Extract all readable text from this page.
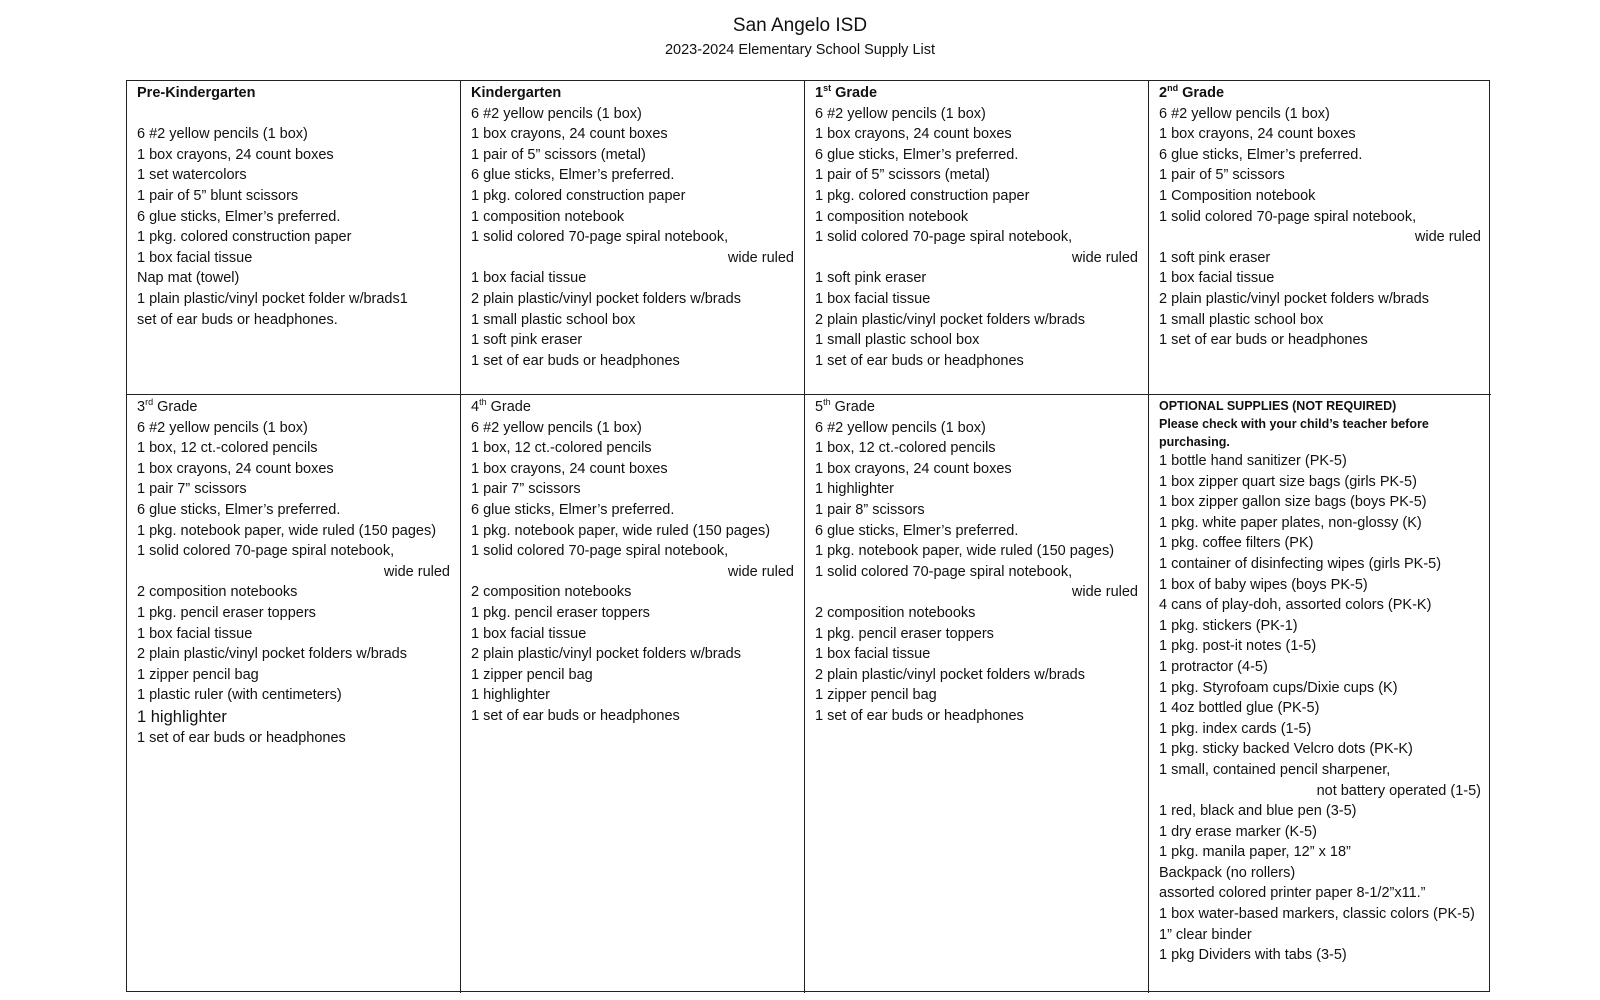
San Angelo ISD
2023-2024 Elementary School Supply List
Pre-Kindergarten
6 #2 yellow pencils (1 box)
1 box crayons, 24 count boxes
1 set watercolors
1 pair of 5” blunt scissors
6 glue sticks, Elmer’s preferred.
1 pkg. colored construction paper
1 box facial tissue
Nap mat (towel)
1 plain plastic/vinyl pocket folder w/brads1
set of ear buds or headphones.
Kindergarten
6 #2 yellow pencils (1 box)
1 box crayons, 24 count boxes
1 pair of 5” scissors (metal)
6 glue sticks, Elmer’s preferred.
1 pkg. colored construction paper
1 composition notebook
1 solid colored 70-page spiral notebook,
wide ruled
1 box facial tissue
2 plain plastic/vinyl pocket folders w/brads
1 small plastic school box
1 soft pink eraser
1 set of ear buds or headphones
1st Grade
6 #2 yellow pencils (1 box)
1 box crayons, 24 count boxes
6 glue sticks, Elmer’s preferred.
1 pair of 5” scissors (metal)
1 pkg. colored construction paper
1 composition notebook
1 solid colored 70-page spiral notebook,
wide ruled
1 soft pink eraser
1 box facial tissue
2 plain plastic/vinyl pocket folders w/brads
1 small plastic school box
1 set of ear buds or headphones
2nd Grade
6 #2 yellow pencils (1 box)
1 box crayons, 24 count boxes
6 glue sticks, Elmer’s preferred.
1 pair of 5” scissors
1 Composition notebook
1 solid colored 70-page spiral notebook,
wide ruled
1 soft pink eraser
1 box facial tissue
2 plain plastic/vinyl pocket folders w/brads
1 small plastic school box
1 set of ear buds or headphones
3rd Grade
6 #2 yellow pencils (1 box)
1 box, 12 ct.-colored pencils
1 box crayons, 24 count boxes
1 pair 7” scissors
6 glue sticks, Elmer’s preferred.
1 pkg. notebook paper, wide ruled (150 pages)
1 solid colored 70-page spiral notebook,
wide ruled
2 composition notebooks
1 pkg. pencil eraser toppers
1 box facial tissue
2 plain plastic/vinyl pocket folders w/brads
1 zipper pencil bag
1 plastic ruler (with centimeters)
1 highlighter
1 set of ear buds or headphones
4th Grade
6 #2 yellow pencils (1 box)
1 box, 12 ct.-colored pencils
1 box crayons, 24 count boxes
1 pair 7” scissors
6 glue sticks, Elmer’s preferred.
1 pkg. notebook paper, wide ruled (150 pages)
1 solid colored 70-page spiral notebook,
wide ruled
2 composition notebooks
1 pkg. pencil eraser toppers
1 box facial tissue
2 plain plastic/vinyl pocket folders w/brads
1 zipper pencil bag
1 highlighter
1 set of ear buds or headphones
5th Grade
6 #2 yellow pencils (1 box)
1 box, 12 ct.-colored pencils
1 box crayons, 24 count boxes
1 highlighter
1 pair 8” scissors
6 glue sticks, Elmer’s preferred.
1 pkg. notebook paper, wide ruled (150 pages)
1 solid colored 70-page spiral notebook,
wide ruled
2 composition notebooks
1 pkg. pencil eraser toppers
1 box facial tissue
2 plain plastic/vinyl pocket folders w/brads
1 zipper pencil bag
1 set of ear buds or headphones
OPTIONAL SUPPLIES (NOT REQUIRED)
Please check with your child’s teacher before purchasing.
1 bottle hand sanitizer (PK-5)
1 box zipper quart size bags (girls PK-5)
1 box zipper gallon size bags (boys PK-5)
1 pkg. white paper plates, non-glossy (K)
1 pkg. coffee filters (PK)
1 container of disinfecting wipes (girls PK-5)
1 box of baby wipes (boys PK-5)
4 cans of play-doh, assorted colors (PK-K)
1 pkg. stickers (PK-1)
1 pkg. post-it notes (1-5)
1 protractor (4-5)
1 pkg. Styrofoam cups/Dixie cups (K)
1 4oz bottled glue (PK-5)
1 pkg. index cards (1-5)
1 pkg. sticky backed Velcro dots (PK-K)
1 small, contained pencil sharpener,
not battery operated (1-5)
1 red, black and blue pen (3-5)
1 dry erase marker (K-5)
1 pkg. manila paper, 12” x 18”
Backpack (no rollers)
assorted colored printer paper 8-1/2”x11.”
1 box water-based markers, classic colors (PK-5)
1” clear binder
1 pkg Dividers with tabs (3-5)
